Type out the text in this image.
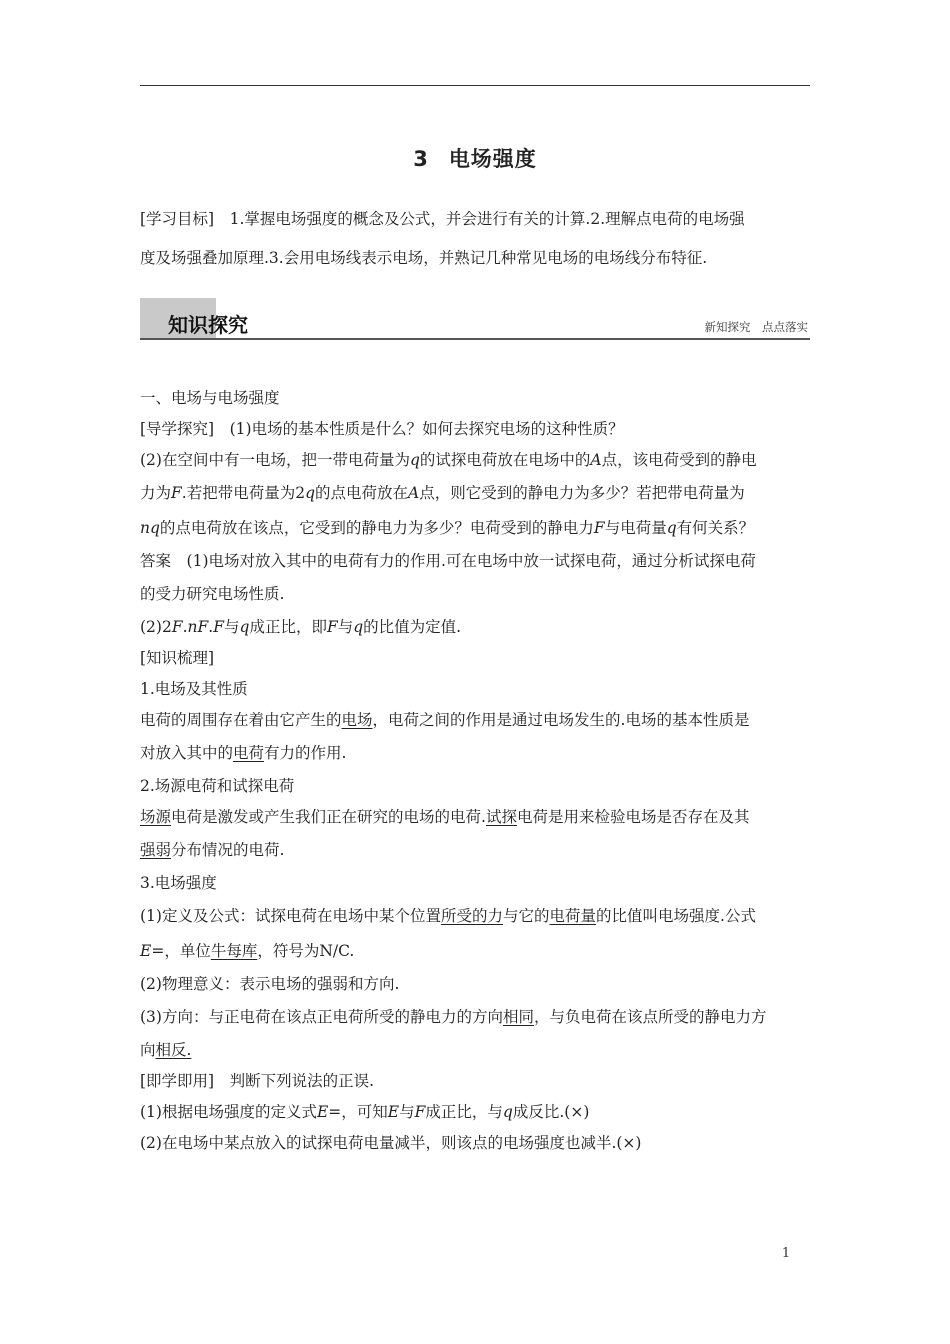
3 电场强度
[学习目标]　 1.掌握电场强度的概念及公式，并会进行有关的计算.2.理解点电荷的电场强
度及场强叠加原理.3.会用电场线表示电场，并熟记几种常见电场的电场线分布特征.
知识探究	新知探究　点点落实
一、电场与电场强度
[导学探究]　 (1)电场的基本性质是什么？如何去探究电场的这种性质？
(2)在空间中有一电场，把一带电荷量为q的试探电荷放在电场中的A点，该电荷受到的静电
力为F.若把带电荷量为2q的点电荷放在A点，则它受到的静电力为多少？若把带电荷量为
nq的点电荷放在该点，它受到的静电力为多少？电荷受到的静电力F与电荷量q有何关系？
答案　 (1)电场对放入其中的电荷有力的作用.可在电场中放一试探电荷，通过分析试探电荷
的受力研究电场性质.
(2)2F.nF.F与q成正比，即F与q的比值为定值.
[知识梳理]
1.电场及其性质
电荷的周围存在着由它产生的电场，电荷之间的作用是通过电场发生的.电场的基本性质是
对放入其中的电荷有力的作用.
2.场源电荷和试探电荷
场源电荷是激发或产生我们正在研究的电场的电荷.试探电荷是用来检验电场是否存在及其
强弱分布情况的电荷.
3.电场强度
(1)定义及公式：试探电荷在电场中某个位置所受的力与它的电荷量的比值叫电场强度.公式
E=，单位牛每库，符号为N/C.
(2)物理意义：表示电场的强弱和方向.
(3)方向：与正电荷在该点正电荷所受的静电力的方向相同，与负电荷在该点所受的静电力方
向相反.
[即学即用]　 判断下列说法的正误.
(1)根据电场强度的定义式E=，可知E与F成正比，与q成反比.(×)
(2)在电场中某点放入的试探电荷电量减半，则该点的电场强度也减半.(×)
1
